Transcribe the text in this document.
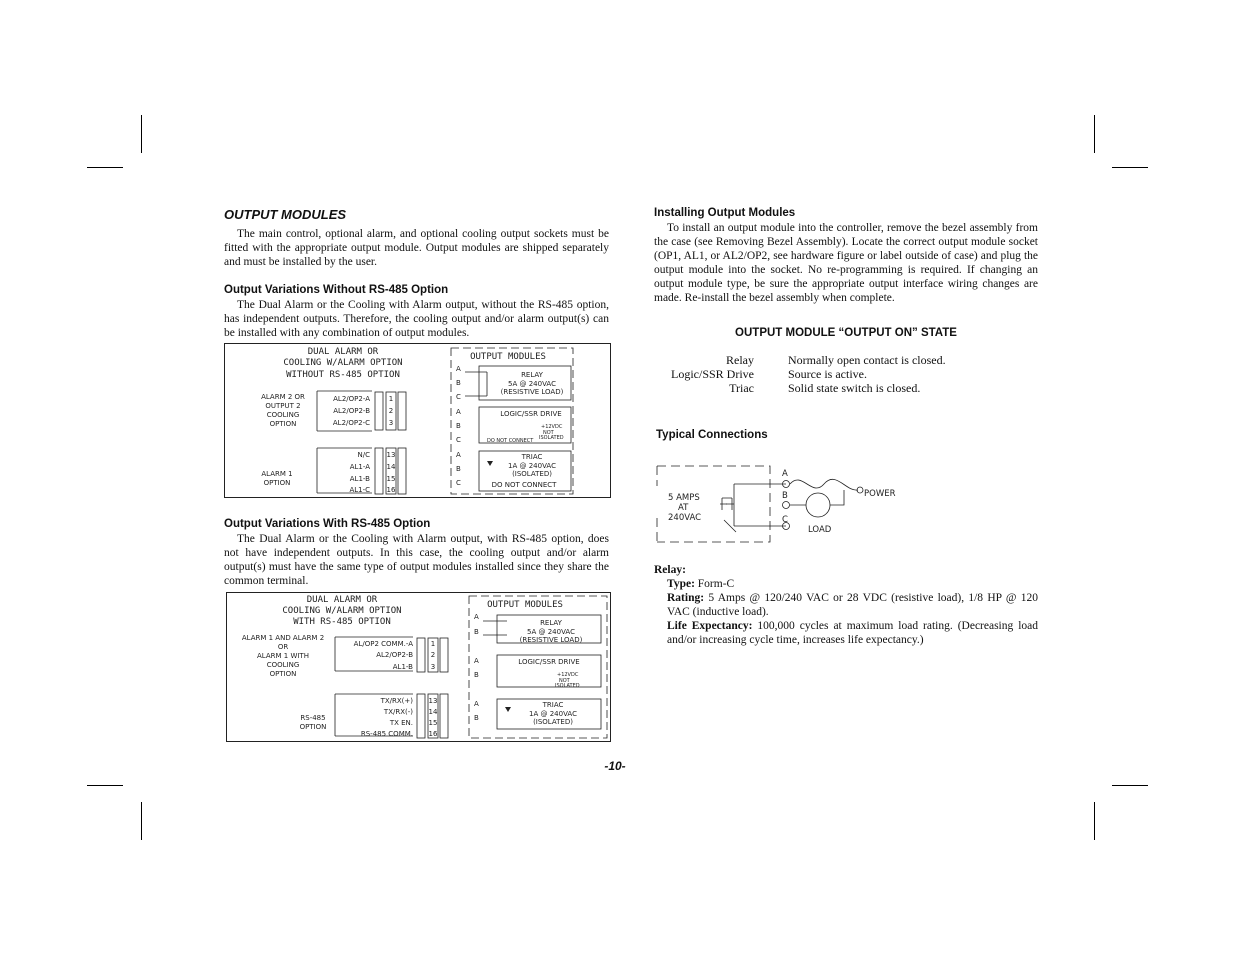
OUTPUT MODULES

The main control, optional alarm, and optional cooling output sockets must be fitted with the appropriate output module. Output modules are shipped separately and must be installed by the user.

Output Variations Without RS-485 Option

The Dual Alarm or the Cooling with Alarm output, without the RS-485 option, has independent outputs. Therefore, the cooling output and/or alarm output(s) can be installed with any combination of output modules.

DUAL ALARM OR
COOLING W/ALARM OPTION
WITHOUT RS-485 OPTION
ALARM 2 OR
OUTPUT 2
COOLING
OPTION
AL2/OP2-A
AL2/OP2-B
AL2/OP2-C
1
2
3
ALARM 1
OPTION
N/C
AL1-A
AL1-B
AL1-C
13
14
15
16
OUTPUT MODULES
A
B
C
RELAY
5A @ 240VAC
(RESISTIVE LOAD)
A
B
C
LOGIC/SSR DRIVE
+12VDC
NOT
ISOLATED
DO NOT CONNECT
A
B
C
TRIAC
1A @ 240VAC
(ISOLATED)
DO NOT CONNECT
Output Variations With RS-485 Option

The Dual Alarm or the Cooling with Alarm output, with RS-485 option, does not have independent outputs. In this case, the cooling output and/or alarm output(s) must have the same type of output modules installed since they share the common terminal.

DUAL ALARM OR
COOLING W/ALARM OPTION
WITH RS-485 OPTION
ALARM 1 AND ALARM 2
OR
ALARM 1 WITH
COOLING
OPTION
AL/OP2 COMM.-A
AL2/OP2-B
AL1-B
1
2
3
RS-485
OPTION
TX/RX(+)
TX/RX(-)
TX EN.
RS-485 COMM.
13
14
15
16
OUTPUT MODULES
A
B
RELAY
5A @ 240VAC
(RESISTIVE LOAD)
A
B
LOGIC/SSR DRIVE
+12VDC
NOT
ISOLATED
A
B
TRIAC
1A @ 240VAC
(ISOLATED)
Installing Output Modules

To install an output module into the controller, remove the bezel assembly from the case (see Removing Bezel Assembly). Locate the correct output module socket (OP1, AL1, or AL2/OP2, see hardware figure or label outside of case) and plug the output module into the socket. No re-programming is required. If changing an output module type, be sure the appropriate output interface wiring changes are made. Re-install the bezel assembly when complete.

OUTPUT MODULE “OUTPUT ON” STATE
Relay	Normally open contact is closed.
Logic/SSR Drive	Source is active.
Triac	Solid state switch is closed.
Typical Connections
5 AMPS
AT
240VAC
A
B
C
POWER
LOAD
Relay:
Type: Form-C
Rating: 5 Amps @ 120/240 VAC or 28 VDC (resistive load), 1/8 HP @ 120 VAC (inductive load).
Life Expectancy: 100,000 cycles at maximum load rating. (Decreasing load and/or increasing cycle time, increases life expectancy.)
-10-
